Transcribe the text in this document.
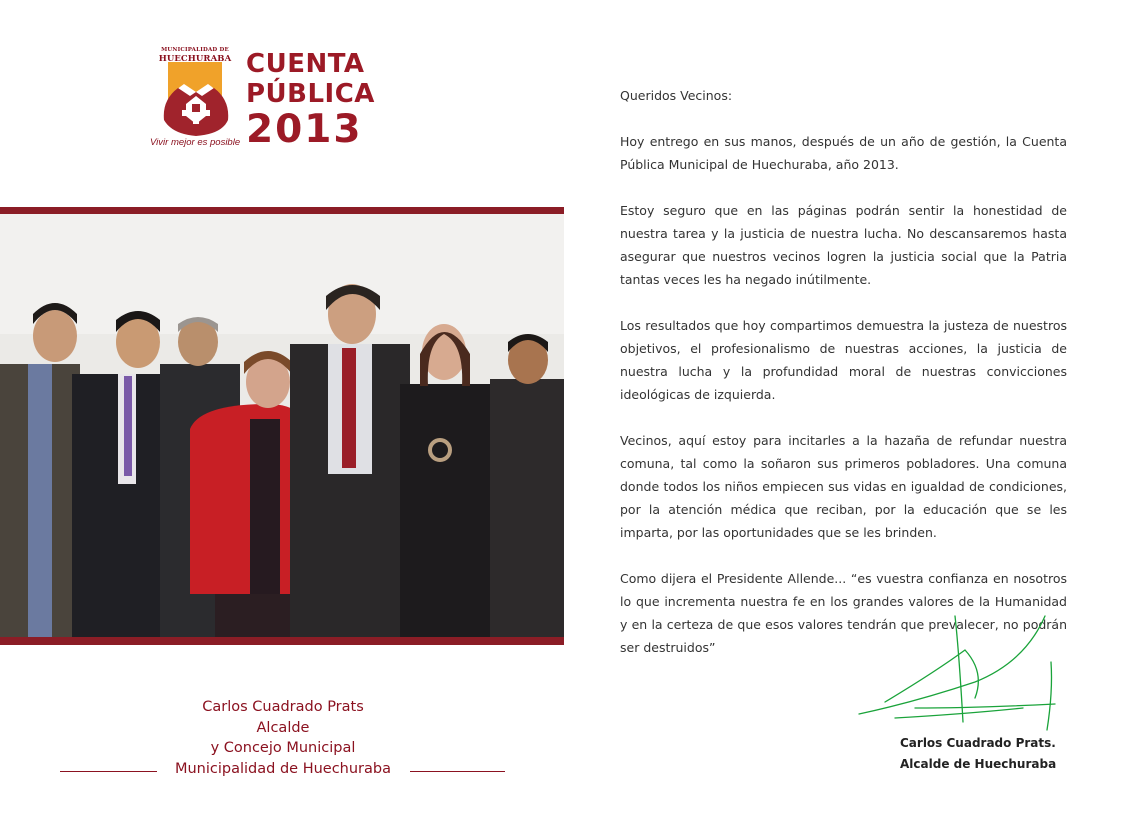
MUNICIPALIDAD DE
HUECHURABA
Vivir mejor es posible
CUENTA
PÚBLICA
2013
Carlos Cuadrado Prats
Alcalde
y Concejo Municipal
Municipalidad de Huechuraba

Queridos Vecinos:

Hoy entrego en sus manos, después de un año de gestión, la Cuenta Pública Municipal de Huechuraba, año 2013.

Estoy seguro que en las páginas podrán sentir la honestidad de nuestra tarea y la justicia de nuestra lucha. No descansaremos hasta asegurar que nuestros vecinos logren la justicia social que la Patria tantas veces les ha negado inútilmente.

Los resultados que hoy compartimos demuestra la justeza de nuestros objetivos, el profesionalismo de nuestras acciones, la justicia de nuestra lucha y la profundidad moral de nuestras convicciones ideológicas de izquierda.

Vecinos, aquí estoy para incitarles a la hazaña de refundar nuestra comuna, tal como la soñaron sus primeros pobladores. Una comuna donde todos los niños empiecen sus vidas en igualdad de condiciones, por la atención médica que reciban, por la educación que se les imparta, por las oportunidades que se les brinden.

Como dijera el Presidente Allende... “es vuestra confianza en nosotros lo que incrementa nuestra fe en los grandes valores de la Humanidad y en la certeza de que esos valores tendrán que prevalecer, no podrán ser destruidos”

Carlos Cuadrado Prats.
Alcalde de Huechuraba
